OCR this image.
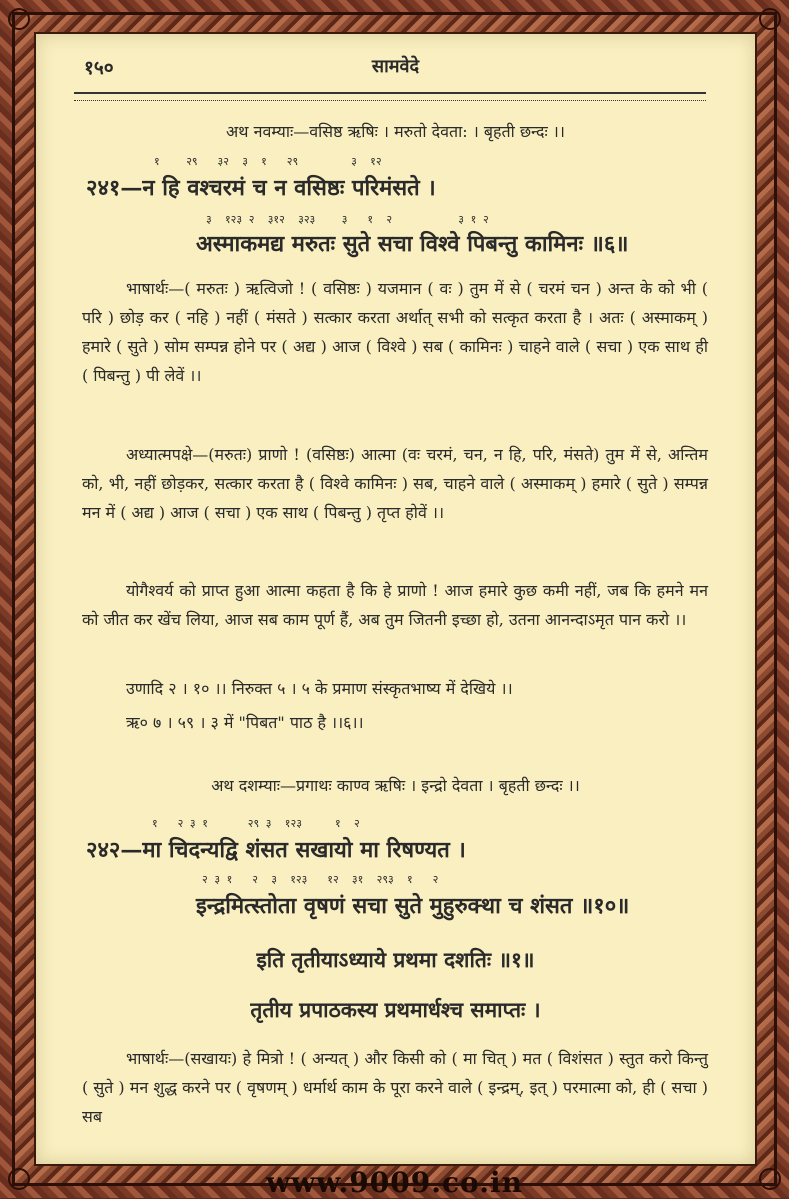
१५०	सामवेदे
अथ नवम्याः—वसिष्ठ ऋषिः । मरुतो देवता: । बृहती छन्दः ।।
१    २९   ३२  ३  १   २९        ३  १२
२४१—न हि वश्चरमं च न वसिष्ठः परिमंसते ।
३  १२३ २  ३१२  ३२३    ३   १  २          ३ १ २
अस्माकमद्य मरुतः सुते सचा विश्वे पिबन्तु कामिनः ॥६॥
भाषार्थः—( मरुतः ) ऋत्विजो ! ( वसिष्ठः ) यजमान ( वः ) तुम में से ( चरमं चन ) अन्त के को भी ( परि ) छोड़ कर ( नहि ) नहीं ( मंसते ) सत्कार करता अर्थात् सभी को सत्कृत करता है । अतः ( अस्माकम् ) हमारे ( सुते ) सोम सम्पन्न होने पर ( अद्य ) आज ( विश्वे ) सब ( कामिनः ) चाहने वाले ( सचा ) एक साथ ही ( पिबन्तु ) पी लेवें ।।
अध्यात्मपक्षे—(मरुतः) प्राणो ! (वसिष्ठः) आत्मा (वः चरमं, चन, न हि, परि, मंसते) तुम में से, अन्तिम को, भी, नहीं छोड़कर, सत्कार करता है ( विश्वे कामिनः ) सब, चाहने वाले ( अस्माकम् ) हमारे ( सुते ) सम्पन्न मन में ( अद्य ) आज ( सचा ) एक साथ ( पिबन्तु ) तृप्त होवें ।।
योगैश्वर्य को प्राप्त हुआ आत्मा कहता है कि हे प्राणो ! आज हमारे कुछ कमी नहीं, जब कि हमने मन को जीत कर खेंच लिया, आज सब काम पूर्ण हैं, अब तुम जितनी इच्छा हो, उतना आनन्दाऽमृत पान करो ।।
उणादि २ । १० ।। निरुक्त ५ । ५ के प्रमाण संस्कृतभाष्य में देखिये ।।
ऋ० ७ । ५९ । ३ में "पिबत" पाठ है ।।६।।
अथ दशम्याः—प्रगाथः काण्व ऋषिः । इन्द्रो देवता । बृहती छन्दः ।।
१   २ ३ १      २९ ३  १२३     १  २
२४२—मा चिदन्यद्वि शंसत सखायो मा रिषण्यत ।
२ ३ १   २  ३  १२३   १२  ३१  २९३  १   २
इन्द्रमित्स्तोता वृषणं सचा सुते मुहुरुक्था च शंसत ॥१०॥
इति तृतीयाऽध्याये प्रथमा दशतिः ॥१॥
तृतीय प्रपाठकस्य प्रथमार्धश्च समाप्तः ।
भाषार्थः—(सखायः) हे मित्रो ! ( अन्यत् ) और किसी को ( मा चित् ) मत ( विशंसत ) स्तुत करो किन्तु ( सुते ) मन शुद्ध करने पर ( वृषणम् ) धर्मार्थ काम के पूरा करने वाले ( इन्द्रम्, इत् ) परमात्मा को, ही ( सचा ) सब
www.9009.co.in
